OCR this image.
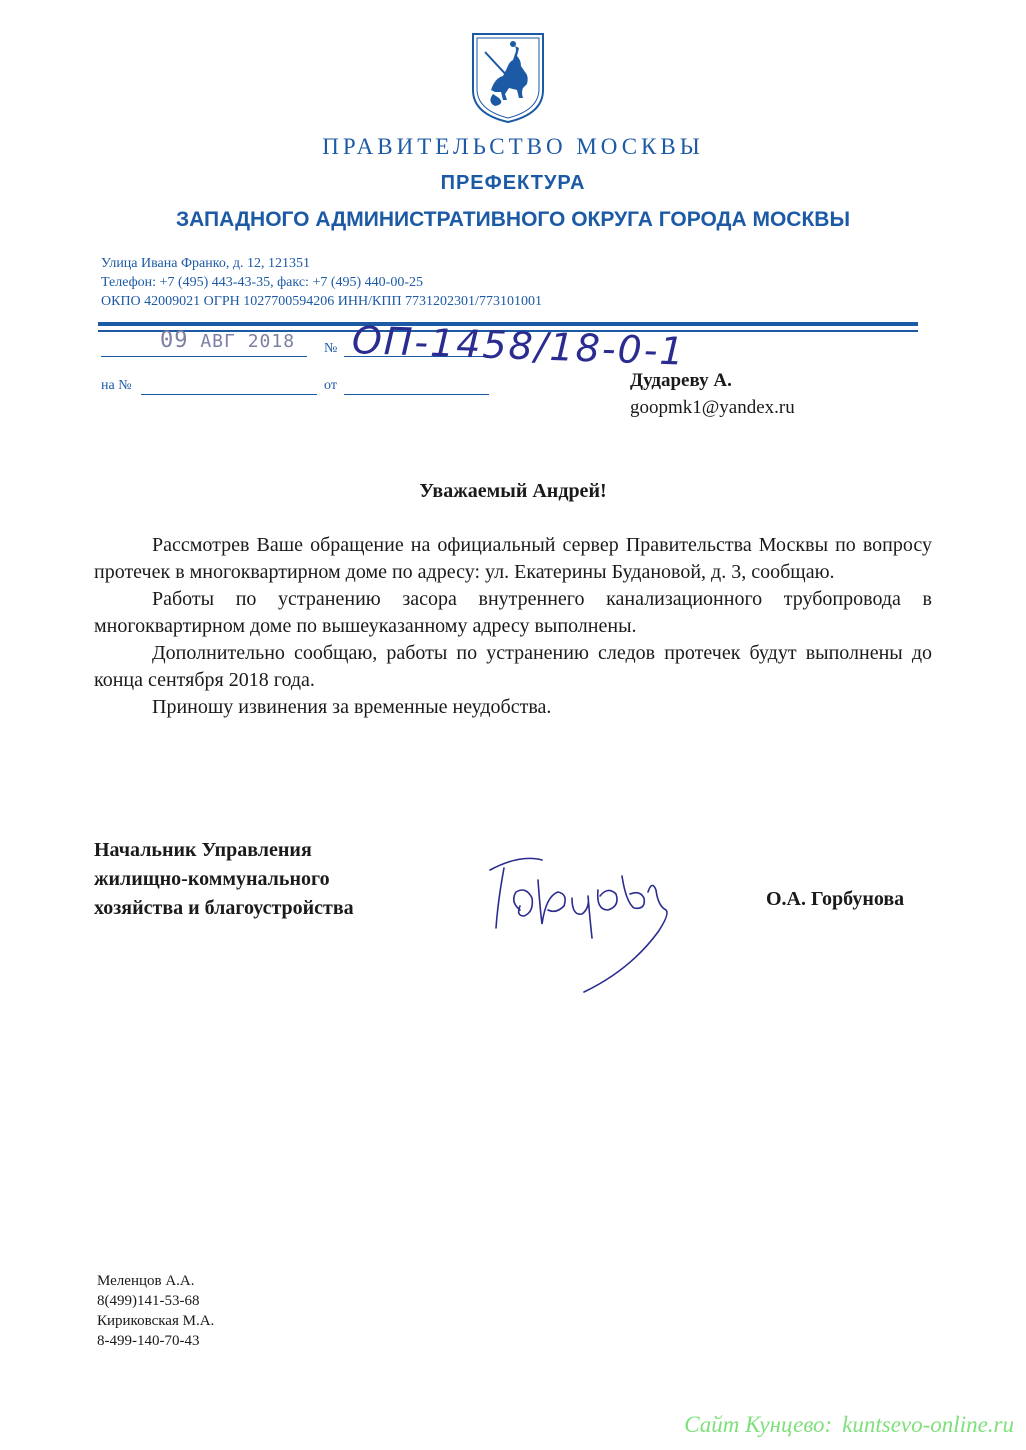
ПРАВИТЕЛЬСТВО МОСКВЫ
ПРЕФЕКТУРА
ЗАПАДНОГО АДМИНИСТРАТИВНОГО ОКРУГА ГОРОДА МОСКВЫ
Улица Ивана Франко, д. 12, 121351
Телефон: +7 (495) 443-43-35, факс: +7 (495) 440-00-25
ОКПО 42009021 ОГРН 1027700594206 ИНН/КПП 7731202301/773101001
09 АВГ 2018 № ОП-1458/18-0-1
на №	от	Дудареву А.
goopmk1@yandex.ru
Уважаемый Андрей!

Рассмотрев Ваше обращение на официальный сервер Правительства Москвы по вопросу протечек в многоквартирном доме по адресу: ул. Екатерины Будановой, д. 3, сообщаю.

Работы по устранению засора внутреннего канализационного трубопровода в многоквартирном доме по вышеуказанному адресу выполнены.

Дополнительно сообщаю, работы по устранению следов протечек будут выполнены до конца сентября 2018 года.

Приношу извинения за временные неудобства.

Начальник Управления
жилищно-коммунального
хозяйства и благоустройства	О.А. Горбунова
Меленцов А.А.
8(499)141-53-68
Кириковская М.А.
8-499-140-70-43
Сайт Кунцево: kuntsevo-online.ru
